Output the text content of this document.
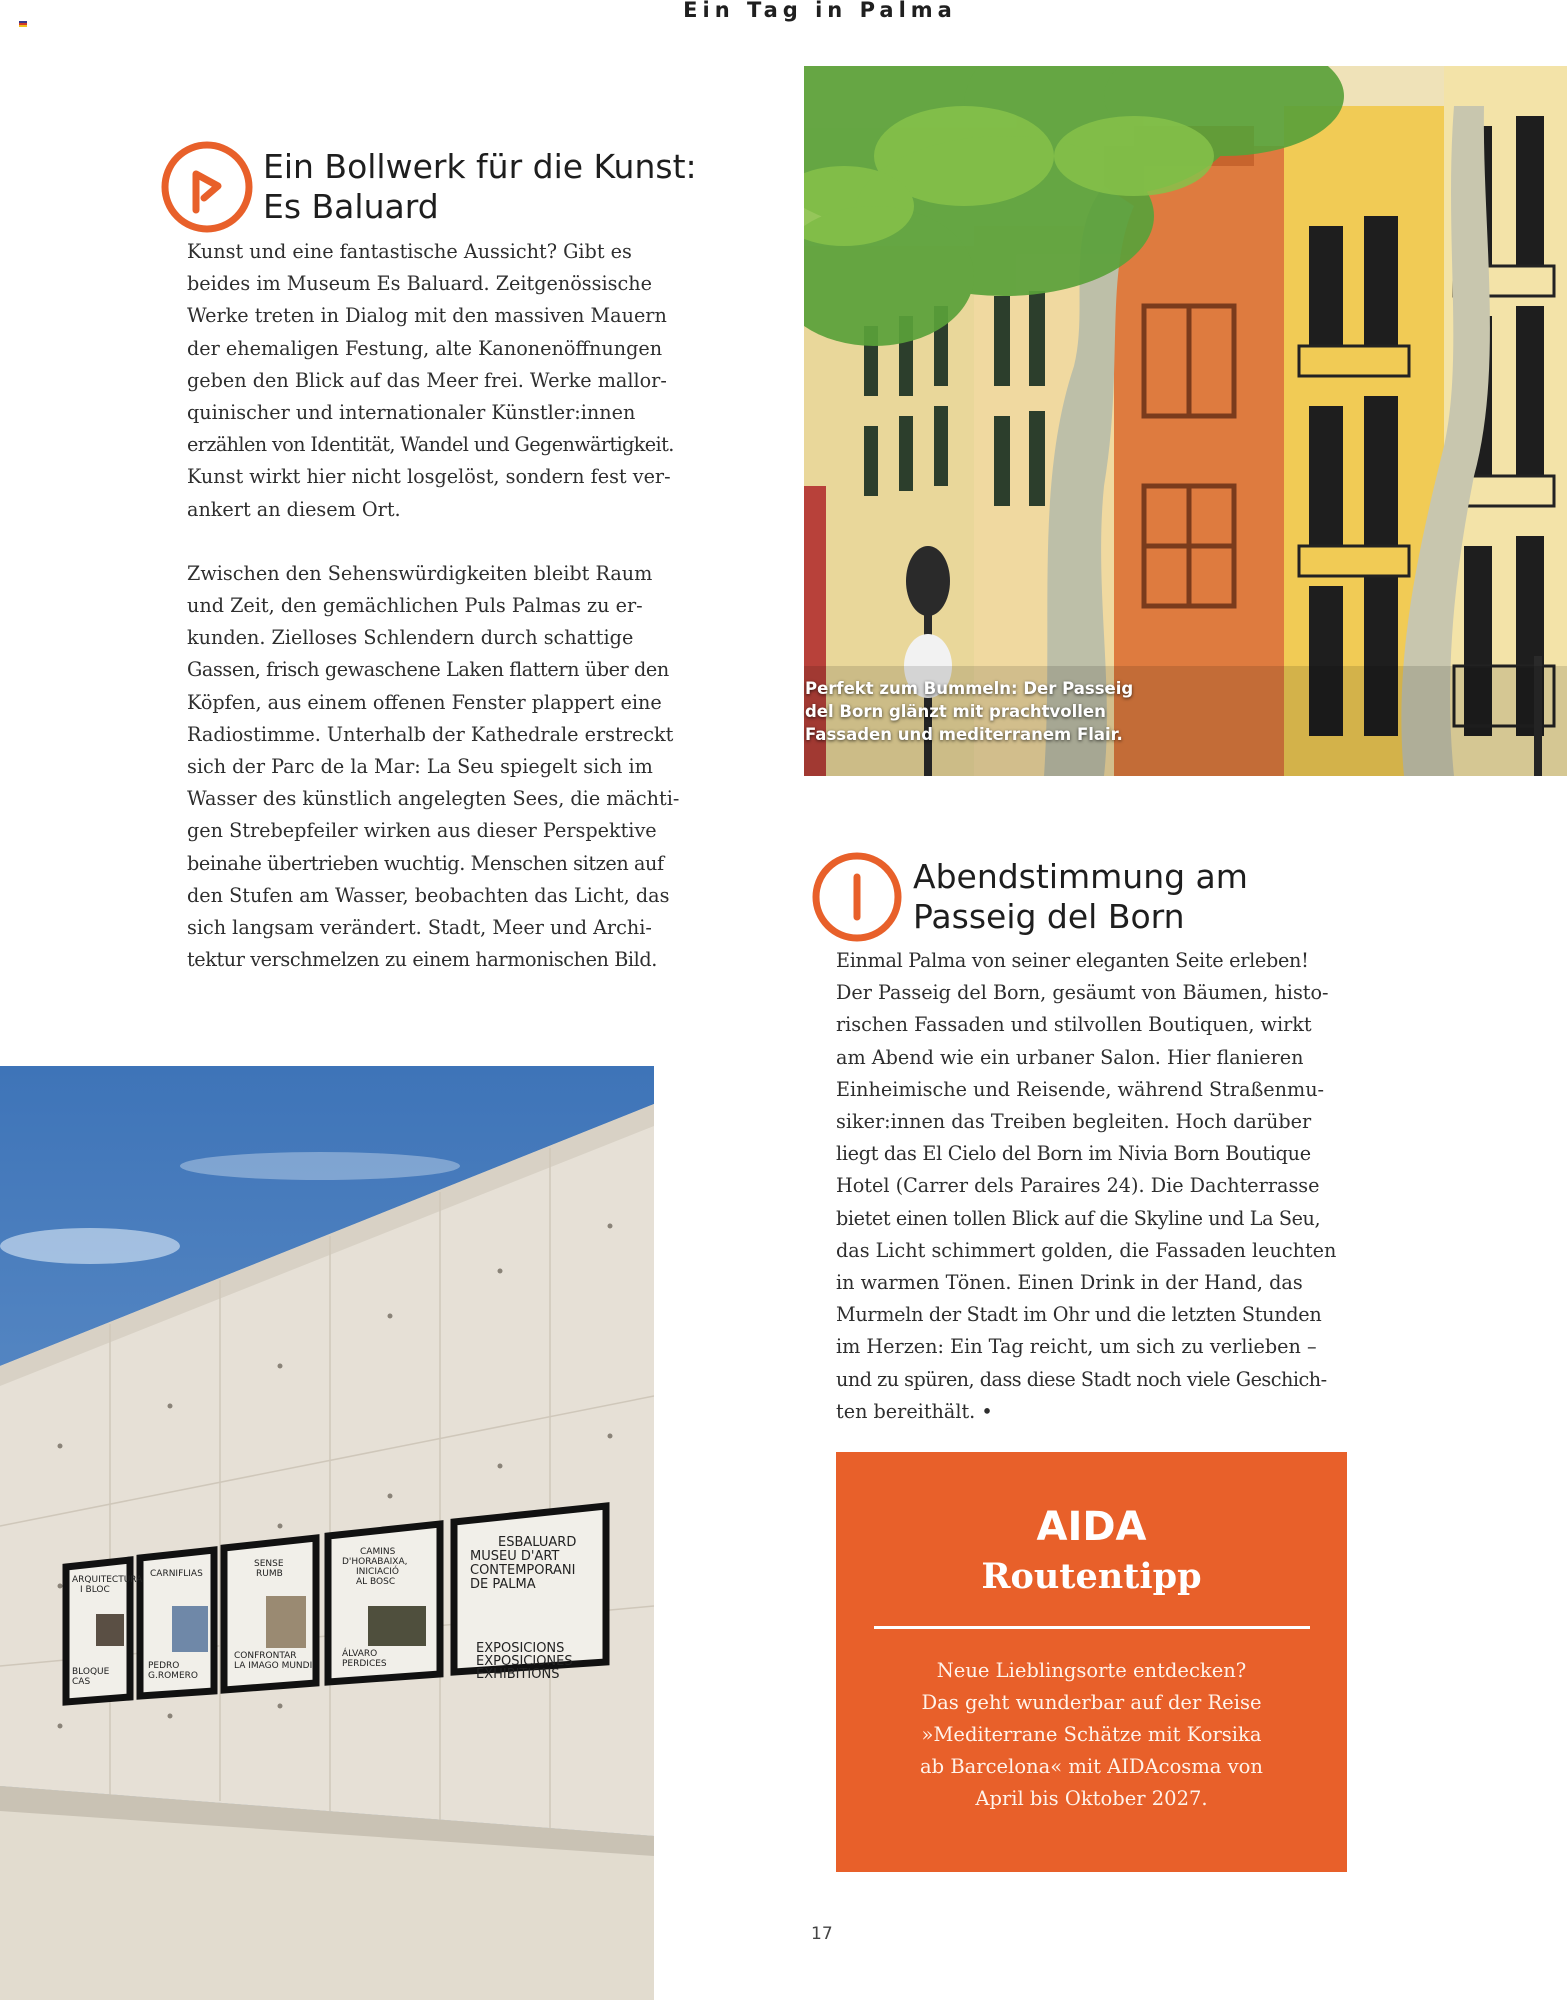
Ein Tag in Palma
Ein Bollwerk für die Kunst:
Es Baluard

Kunst und eine fantastische Aussicht? Gibt es
beides im Museum Es Baluard. Zeitgenössische
Werke treten in Dialog mit den massiven Mauern
der ehemaligen Festung, alte Kanonenöffnungen
geben den Blick auf das Meer frei. Werke mallor-
quinischer und internationaler Künstler:innen
erzählen von Identität, Wandel und Gegenwärtigkeit.
Kunst wirkt hier nicht losgelöst, sondern fest ver-
ankert an diesem Ort.

Zwischen den Sehenswürdigkeiten bleibt Raum
und Zeit, den gemächlichen Puls Palmas zu er-
kunden. Zielloses Schlendern durch schattige
Gassen, frisch gewaschene Laken flattern über den
Köpfen, aus einem offenen Fenster plappert eine
Radiostimme. Unterhalb der Kathedrale erstreckt
sich der Parc de la Mar: La Seu spiegelt sich im
Wasser des künstlich angelegten Sees, die mächti-
gen Strebepfeiler wirken aus dieser Perspektive
beinahe übertrieben wuchtig. Menschen sitzen auf
den Stufen am Wasser, beobachten das Licht, das
sich langsam verändert. Stadt, Meer und Archi-
tektur verschmelzen zu einem harmonischen Bild.

Perfekt zum Bummeln: Der Passeig
del Born glänzt mit prachtvollen
Fassaden und mediterranem Flair.
Abendstimmung am
Passeig del Born

Einmal Palma von seiner eleganten Seite erleben!
Der Passeig del Born, gesäumt von Bäumen, histo-
rischen Fassaden und stilvollen Boutiquen, wirkt
am Abend wie ein urbaner Salon. Hier flanieren
Einheimische und Reisende, während Straßenmu-
siker:innen das Treiben begleiten. Hoch darüber
liegt das El Cielo del Born im Nivia Born Boutique
Hotel (Carrer dels Paraires 24). Die Dachterrasse
bietet einen tollen Blick auf die Skyline und La Seu,
das Licht schimmert golden, die Fassaden leuchten
in warmen Tönen. Einen Drink in der Hand, das
Murmeln der Stadt im Ohr und die letzten Stunden
im Herzen: Ein Tag reicht, um sich zu verlieben –
und zu spüren, dass diese Stadt noch viele Geschich-
ten bereithält. •

ARQUITECTURA
I BLOC
BLOQUE
CAS
CARNIFLIAS
PEDRO
G.ROMERO
SENSE
RUMB
CONFRONTAR
LA IMAGO MUNDI
CAMINS
D'HORABAIXA,
INICIACIÓ
AL BOSC
ÁLVARO
PERDICES
ESBALUARD
MUSEU D'ART
CONTEMPORANI
DE PALMA
EXPOSICIONS
EXPOSICIONES
EXHIBITIONS
AIDA
Routentipp
Neue Lieblingsorte entdecken?
Das geht wunderbar auf der Reise
»Mediterrane Schätze mit Korsika
ab Barcelona« mit AIDAcosma von
April bis Oktober 2027.
17
